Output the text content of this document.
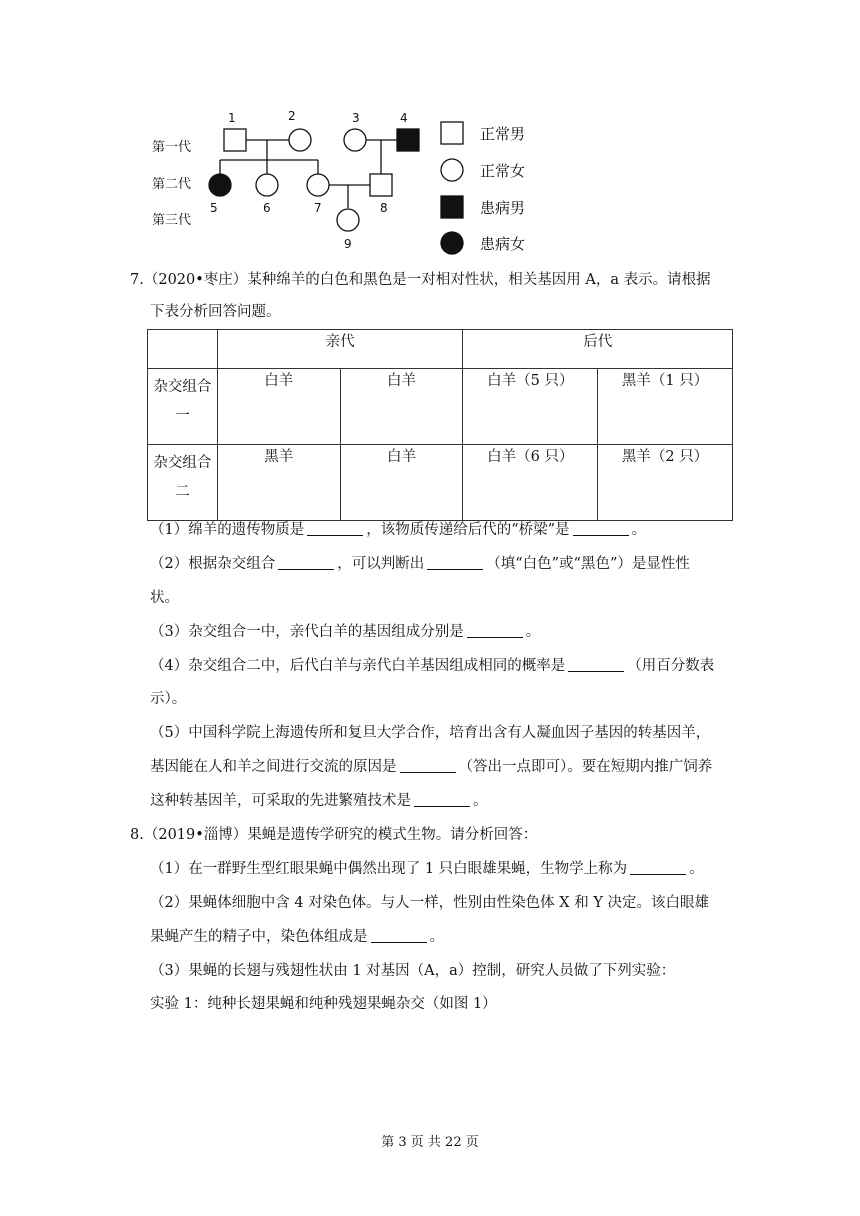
第一代
第二代
第三代
1	2	3	4
5	6	7	8
9
正常男
正常女
患病男
患病女
7.（2020•枣庄）某种绵羊的白色和黑色是一对相对性状，相关基因用 A，a 表示。请根据
下表分析回答问题。
	亲代		后代	
杂交组合
一	白羊	白羊	白羊（5 只）	黑羊（1 只）
杂交组合
二	黑羊	白羊	白羊（6 只）	黑羊（2 只）
（1）绵羊的遗传物质是	，该物质传递给后代的“桥梁”是	。
（2）根据杂交组合	，可以判断出	（填“白色”或“黑色”）是显性性
状。
（3）杂交组合一中，亲代白羊的基因组成分别是	。
（4）杂交组合二中，后代白羊与亲代白羊基因组成相同的概率是	（用百分数表
示）。
（5）中国科学院上海遗传所和复旦大学合作，培育出含有人凝血因子基因的转基因羊，
基因能在人和羊之间进行交流的原因是	（答出一点即可）。要在短期内推广饲养
这种转基因羊，可采取的先进繁殖技术是	。
8.（2019•淄博）果蝇是遗传学研究的模式生物。请分析回答：
（1）在一群野生型红眼果蝇中偶然出现了 1 只白眼雄果蝇，生物学上称为	。
（2）果蝇体细胞中含 4 对染色体。与人一样，性别由性染色体 X 和 Y 决定。该白眼雄
果蝇产生的精子中，染色体组成是	。
（3）果蝇的长翅与残翅性状由 1 对基因（A，a）控制，研究人员做了下列实验：
实验 1：纯种长翅果蝇和纯种残翅果蝇杂交（如图 1）
第 3 页 共 22 页
